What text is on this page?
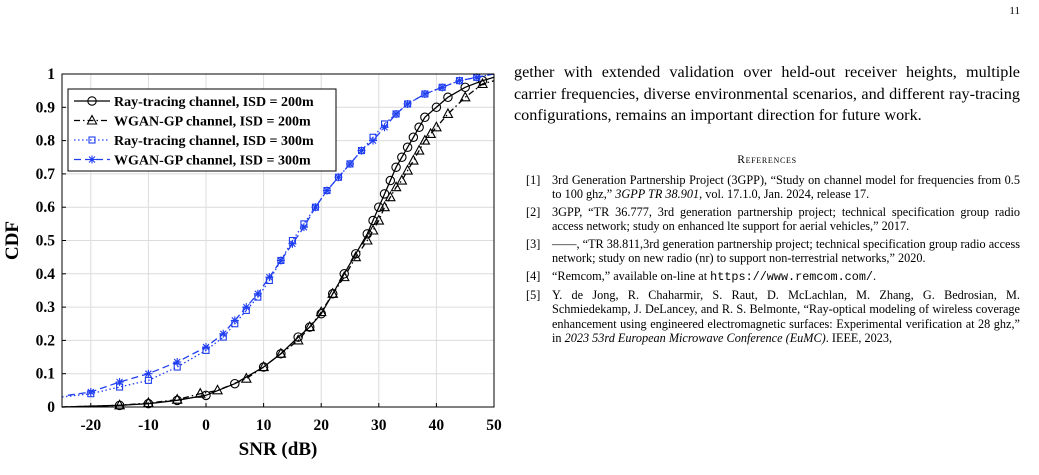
11
-20 -10	0	10	20	30	40	50
0
0.1
0.2
0.3
0.4
0.5
0.6
0.7
0.8
0.9
1
SNR (dB)
CDF
Ray-tracing channel, ISD = 200m
WGAN-GP channel, ISD = 200m
Ray-tracing channel, ISD = 300m
WGAN-GP channel, ISD = 300m

gether with extended validation over held-out receiver heights, multiple carrier frequencies, diverse environmental scenarios, and different ray-tracing configurations, remains an important direction for future work.

References
[1] 3rd Generation Partnership Project (3GPP), “Study on channel model for frequencies from 0.5 to 100 ghz,” 3GPP TR 38.901, vol. 17.1.0, Jan. 2024, release 17.
[2] 3GPP, “TR 36.777, 3rd generation partnership project; technical specification group radio access network; study on enhanced lte support for aerial vehicles,” 2017.
[3] ——, “TR 38.811,3rd generation partnership project; technical specification group radio access network; study on new radio (nr) to support non-terrestrial networks,” 2020.
[4] “Remcom,” available on-line at https://www.remcom.com/.
[5] Y. de Jong, R. Chaharmir, S. Raut, D. McLachlan, M. Zhang, G. Bedrosian, M. Schmiedekamp, J. DeLancey, and R. S. Belmonte, “Ray-optical modeling of wireless coverage enhancement using engineered electromagnetic surfaces: Experimental verification at 28 ghz,” in 2023 53rd European Microwave Conference (EuMC). IEEE, 2023,
